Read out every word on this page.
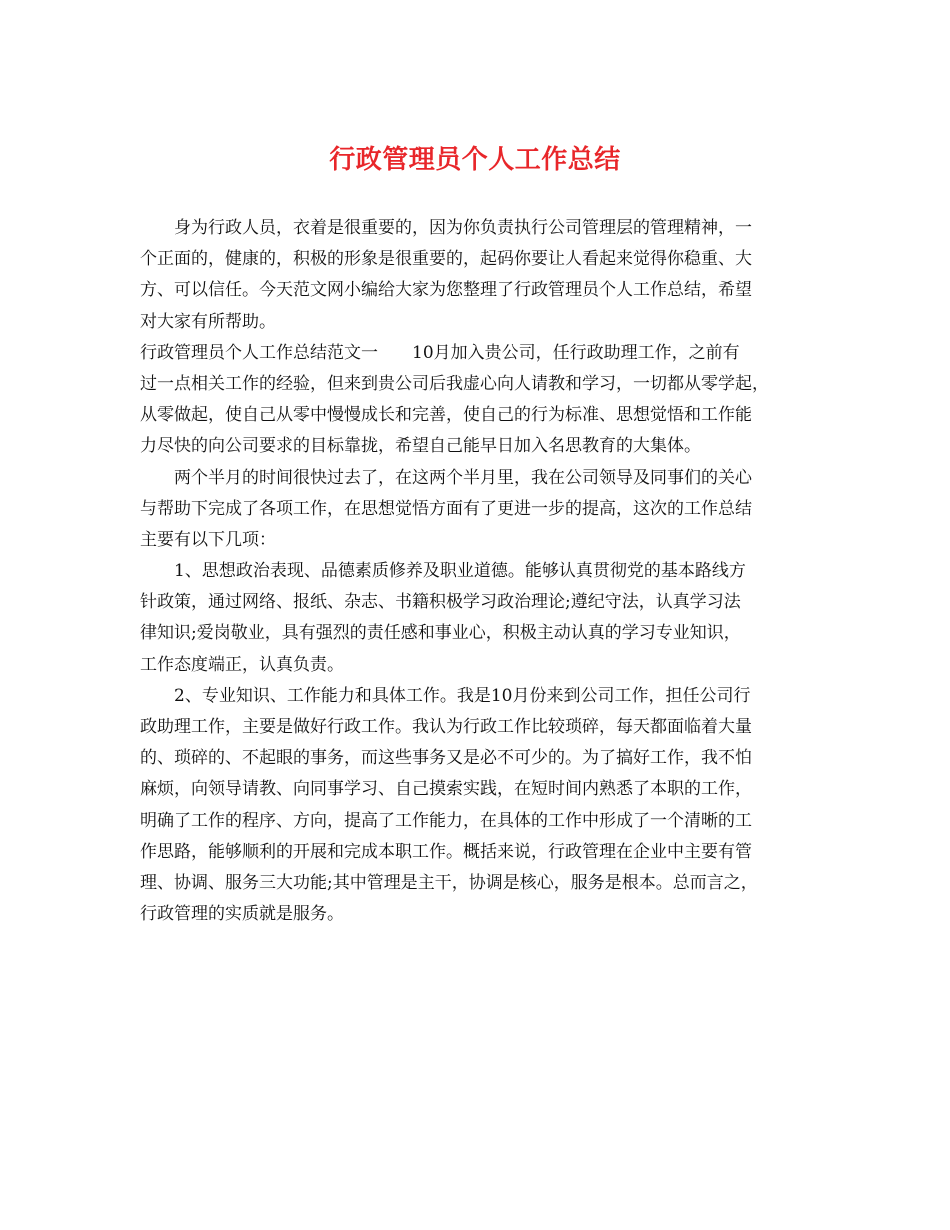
行政管理员个人工作总结
身为行政人员，衣着是很重要的，因为你负责执行公司管理层的管理精神，一
个正面的，健康的，积极的形象是很重要的，起码你要让人看起来觉得你稳重、大
方、可以信任。今天范文网小编给大家为您整理了行政管理员个人工作总结，希望
对大家有所帮助。
行政管理员个人工作总结范文一　　10月加入贵公司，任行政助理工作，之前有
过一点相关工作的经验，但来到贵公司后我虚心向人请教和学习，一切都从零学起，
从零做起，使自己从零中慢慢成长和完善，使自己的行为标准、思想觉悟和工作能
力尽快的向公司要求的目标靠拢，希望自己能早日加入名思教育的大集体。
两个半月的时间很快过去了，在这两个半月里，我在公司领导及同事们的关心
与帮助下完成了各项工作，在思想觉悟方面有了更进一步的提高，这次的工作总结
主要有以下几项：
1、思想政治表现、品德素质修养及职业道德。能够认真贯彻党的基本路线方
针政策，通过网络、报纸、杂志、书籍积极学习政治理论;遵纪守法，认真学习法
律知识;爱岗敬业，具有强烈的责任感和事业心，积极主动认真的学习专业知识，
工作态度端正，认真负责。
2、专业知识、工作能力和具体工作。我是10月份来到公司工作，担任公司行
政助理工作，主要是做好行政工作。我认为行政工作比较琐碎，每天都面临着大量
的、琐碎的、不起眼的事务，而这些事务又是必不可少的。为了搞好工作，我不怕
麻烦，向领导请教、向同事学习、自己摸索实践，在短时间内熟悉了本职的工作，
明确了工作的程序、方向，提高了工作能力，在具体的工作中形成了一个清晰的工
作思路，能够顺利的开展和完成本职工作。概括来说，行政管理在企业中主要有管
理、协调、服务三大功能;其中管理是主干，协调是核心，服务是根本。总而言之，
行政管理的实质就是服务。
